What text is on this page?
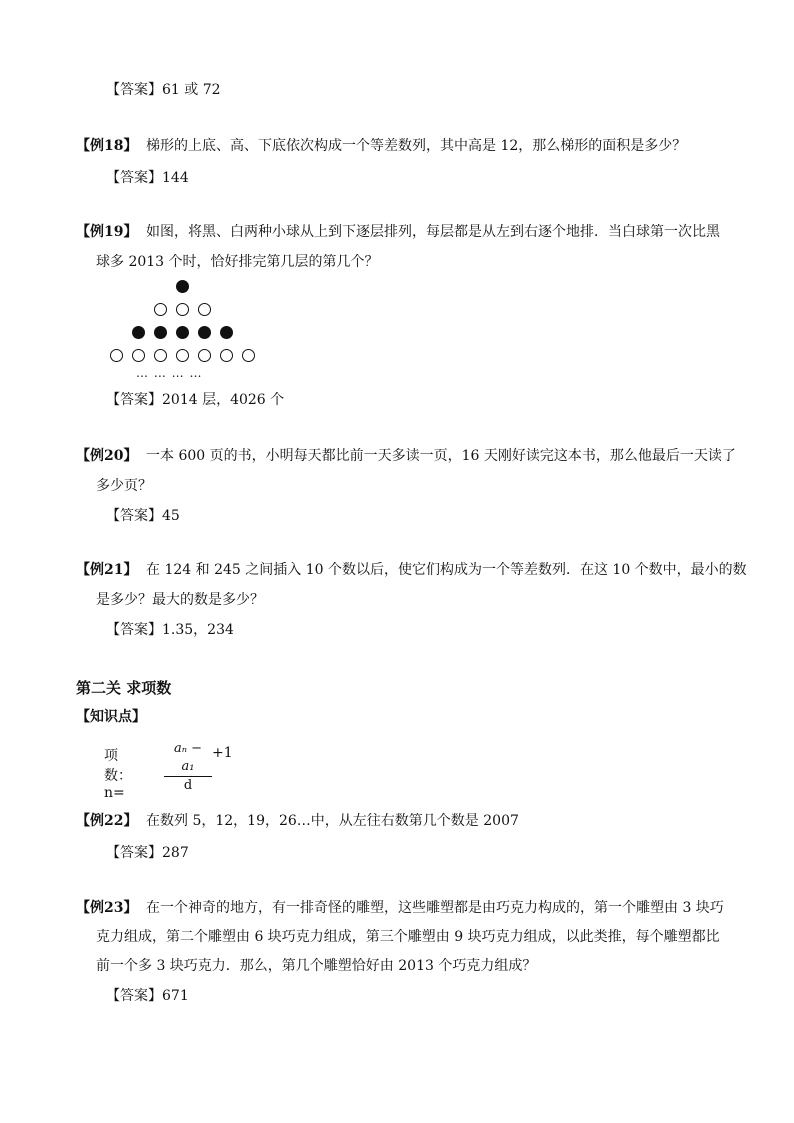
【答案】61 或 72
【例18】 梯形的上底、高、下底依次构成一个等差数列，其中高是 12，那么梯形的面积是多少？
【答案】144
【例19】 如图，将黑、白两种小球从上到下逐层排列，每层都是从左到右逐个地排．当白球第一次比黑
球多 2013 个时，恰好排完第几层的第几个？
… … … …
【答案】2014 层，4026 个
【例20】 一本 600 页的书，小明每天都比前一天多读一页，16 天刚好读完这本书，那么他最后一天读了
多少页？
【答案】45
【例21】 在 124 和 245 之间插入 10 个数以后，使它们构成为一个等差数列．在这 10 个数中，最小的数
是多少？最大的数是多少？
【答案】1.35，234
第二关 求项数
【知识点】
项数：n=	$\frac{\text{aₙ − a₁}}{d} +1$
【例22】 在数列 5，12，19，26…中，从左往右数第几个数是 2007
【答案】287
【例23】 在一个神奇的地方，有一排奇怪的雕塑，这些雕塑都是由巧克力构成的，第一个雕塑由 3 块巧
克力组成，第二个雕塑由 6 块巧克力组成，第三个雕塑由 9 块巧克力组成，以此类推，每个雕塑都比
前一个多 3 块巧克力．那么，第几个雕塑恰好由 2013 个巧克力组成？
【答案】671
